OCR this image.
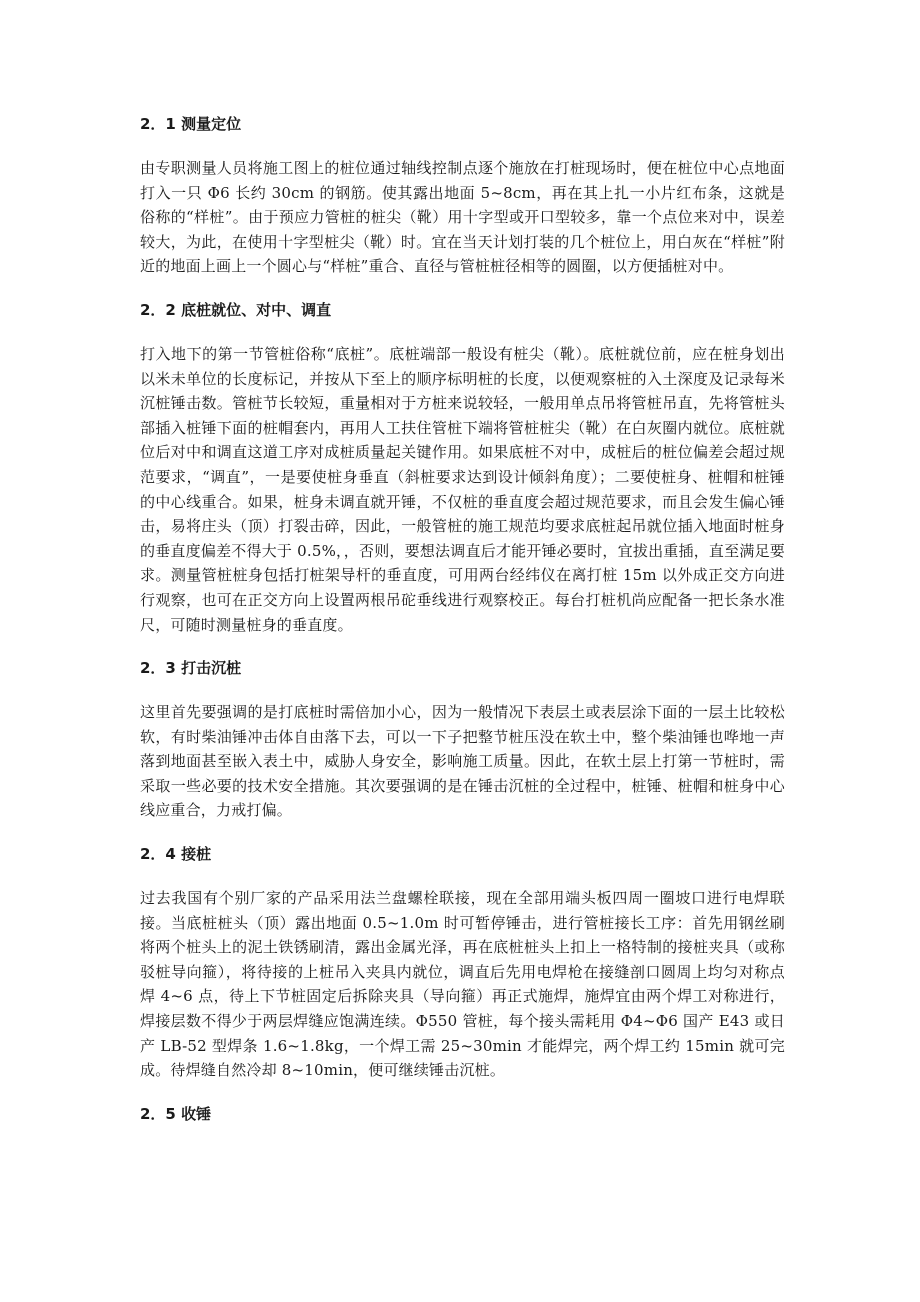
2．1 测量定位

由专职测量人员将施工图上的桩位通过轴线控制点逐个施放在打桩现场时，便在桩位中心点地面打入一只 Φ6 长约 30cm 的钢筋。使其露出地面 5~8cm，再在其上扎一小片红布条，这就是俗称的“样桩”。由于预应力管桩的桩尖（靴）用十字型或开口型较多，靠一个点位来对中，误差较大，为此，在使用十字型桩尖（靴）时。宜在当天计划打装的几个桩位上，用白灰在“样桩”附近的地面上画上一个圆心与“样桩”重合、直径与管桩桩径相等的圆圈，以方便插桩对中。

2．2 底桩就位、对中、调直

打入地下的第一节管桩俗称“底桩”。底桩端部一般设有桩尖（靴）。底桩就位前，应在桩身划出以米未单位的长度标记，并按从下至上的顺序标明桩的长度，以便观察桩的入土深度及记录每米沉桩锤击数。管桩节长较短，重量相对于方桩来说较轻，一般用单点吊将管桩吊直，先将管桩头部插入桩锤下面的桩帽套内，再用人工扶住管桩下端将管桩桩尖（靴）在白灰圈内就位。底桩就位后对中和调直这道工序对成桩质量起关键作用。如果底桩不对中，成桩后的桩位偏差会超过规范要求，“调直”，一是要使桩身垂直（斜桩要求达到设计倾斜角度）；二要使桩身、桩帽和桩锤的中心线重合。如果，桩身未调直就开锤，不仅桩的垂直度会超过规范要求，而且会发生偏心锤击，易将庄头（顶）打裂击碎，因此，一般管桩的施工规范均要求底桩起吊就位插入地面时桩身的垂直度偏差不得大于 0.5%，，否则，要想法调直后才能开锤必要时，宜拔出重插，直至满足要求。测量管桩桩身包括打桩架导杆的垂直度，可用两台经纬仪在离打桩 15m 以外成正交方向进行观察，也可在正交方向上设置两根吊砣垂线进行观察校正。每台打桩机尚应配备一把长条水准尺，可随时测量桩身的垂直度。

2．3 打击沉桩

这里首先要强调的是打底桩时需倍加小心，因为一般情况下表层土或表层涂下面的一层土比较松软，有时柴油锤冲击体自由落下去，可以一下子把整节桩压没在软土中，整个柴油锤也哗地一声落到地面甚至嵌入表土中，威胁人身安全，影响施工质量。因此，在软土层上打第一节桩时，需采取一些必要的技术安全措施。其次要强调的是在锤击沉桩的全过程中，桩锤、桩帽和桩身中心线应重合，力戒打偏。

2．4 接桩

过去我国有个别厂家的产品采用法兰盘螺栓联接，现在全部用端头板四周一圈坡口进行电焊联接。当底桩桩头（顶）露出地面 0.5~1.0m 时可暂停锤击，进行管桩接长工序：首先用钢丝刷将两个桩头上的泥土铁锈刷清，露出金属光泽，再在底桩桩头上扣上一格特制的接桩夹具（或称驳桩导向箍），将待接的上桩吊入夹具内就位，调直后先用电焊枪在接缝剖口圆周上均匀对称点焊 4~6 点，待上下节桩固定后拆除夹具（导向箍）再正式施焊，施焊宜由两个焊工对称进行，焊接层数不得少于两层焊缝应饱满连续。Φ550 管桩，每个接头需耗用 Φ4~Φ6 国产 E43 或日产 LB-52 型焊条 1.6~1.8kg，一个焊工需 25~30min 才能焊完，两个焊工约 15min 就可完成。待焊缝自然冷却 8~10min，便可继续锤击沉桩。

2．5 收锤
